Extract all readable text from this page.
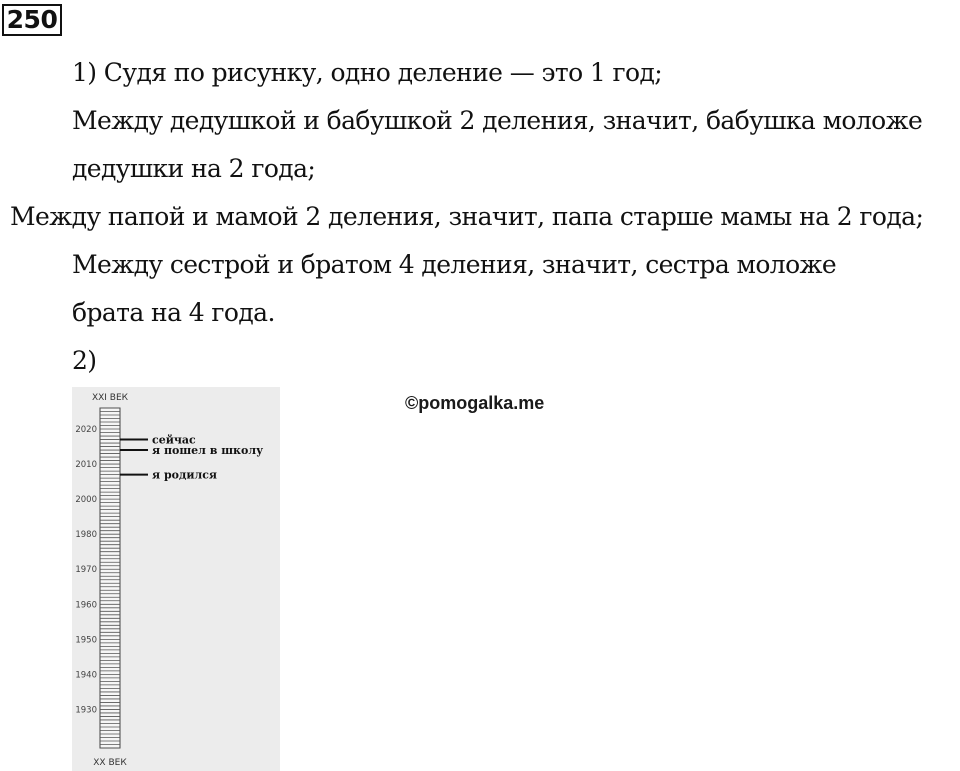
250
1) Судя по рисунку, одно деление — это 1 год;
Между дедушкой и бабушкой 2 деления, значит, бабушка моложе
дедушки на 2 года;
Между папой и мамой 2 деления, значит, папа старше мамы на 2 года;
Между сестрой и братом 4 деления, значит, сестра моложе
брата на 4 года.
2)
©pomogalka.me
XXI ВЕК
XX ВЕК
2020
2010
2000
1980
1970
1960
1950
1940
1930
сейчас
я пошел в школу
я родился
